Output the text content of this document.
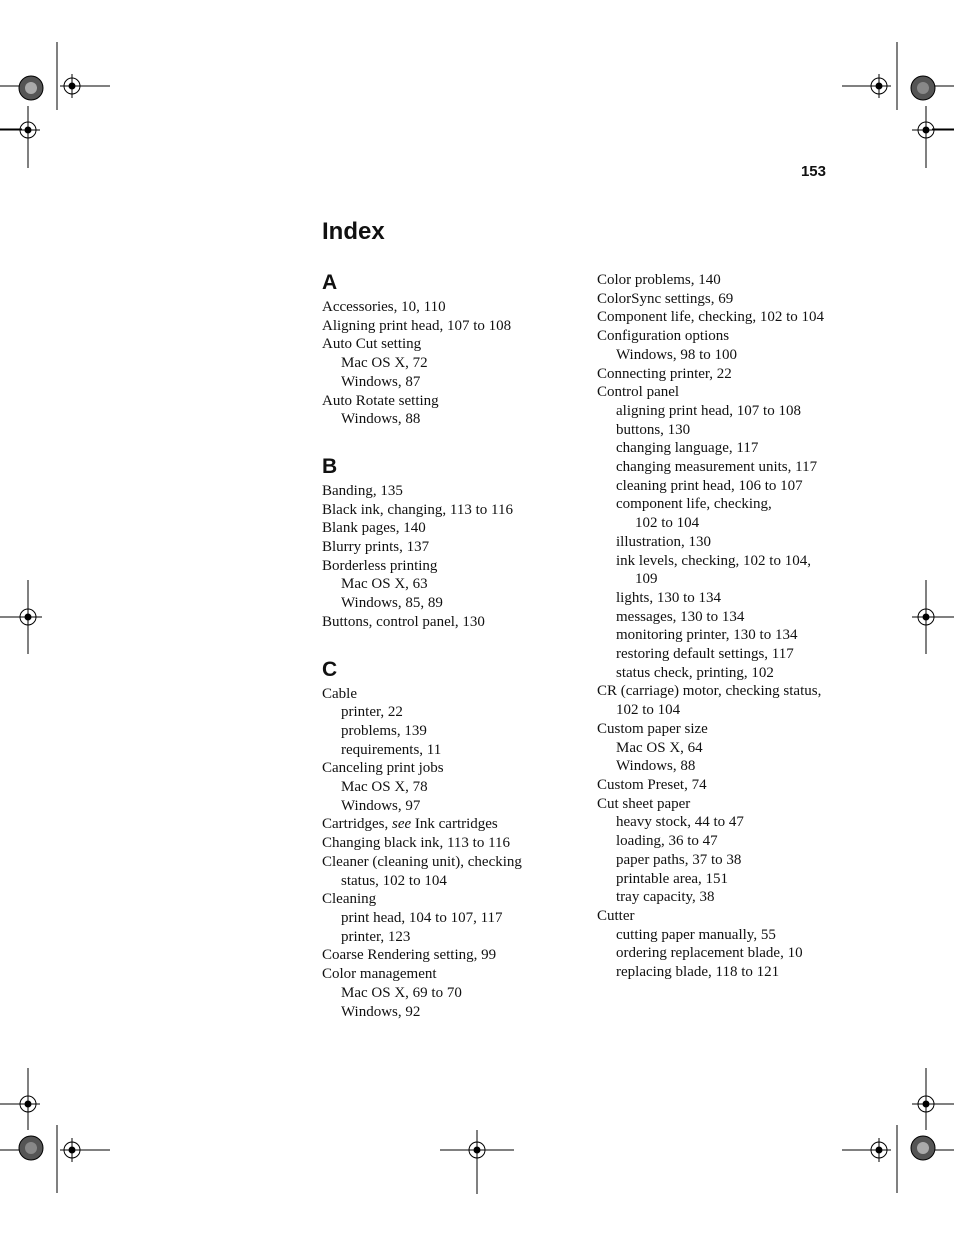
153
Index
A
Accessories, 10, 110
Aligning print head, 107 to 108
Auto Cut setting
Mac OS X, 72
Windows, 87
Auto Rotate setting
Windows, 88
B
Banding, 135
Black ink, changing, 113 to 116
Blank pages, 140
Blurry prints, 137
Borderless printing
Mac OS X, 63
Windows, 85, 89
Buttons, control panel, 130
C
Cable
printer, 22
problems, 139
requirements, 11
Canceling print jobs
Mac OS X, 78
Windows, 97
Cartridges, see Ink cartridges
Changing black ink, 113 to 116
Cleaner (cleaning unit), checking
status, 102 to 104
Cleaning
print head, 104 to 107, 117
printer, 123
Coarse Rendering setting, 99
Color management
Mac OS X, 69 to 70
Windows, 92
Color problems, 140
ColorSync settings, 69
Component life, checking, 102 to 104
Configuration options
Windows, 98 to 100
Connecting printer, 22
Control panel
aligning print head, 107 to 108
buttons, 130
changing language, 117
changing measurement units, 117
cleaning print head, 106 to 107
component life, checking,
102 to 104
illustration, 130
ink levels, checking, 102 to 104,
109
lights, 130 to 134
messages, 130 to 134
monitoring printer, 130 to 134
restoring default settings, 117
status check, printing, 102
CR (carriage) motor, checking status,
102 to 104
Custom paper size
Mac OS X, 64
Windows, 88
Custom Preset, 74
Cut sheet paper
heavy stock, 44 to 47
loading, 36 to 47
paper paths, 37 to 38
printable area, 151
tray capacity, 38
Cutter
cutting paper manually, 55
ordering replacement blade, 10
replacing blade, 118 to 121
